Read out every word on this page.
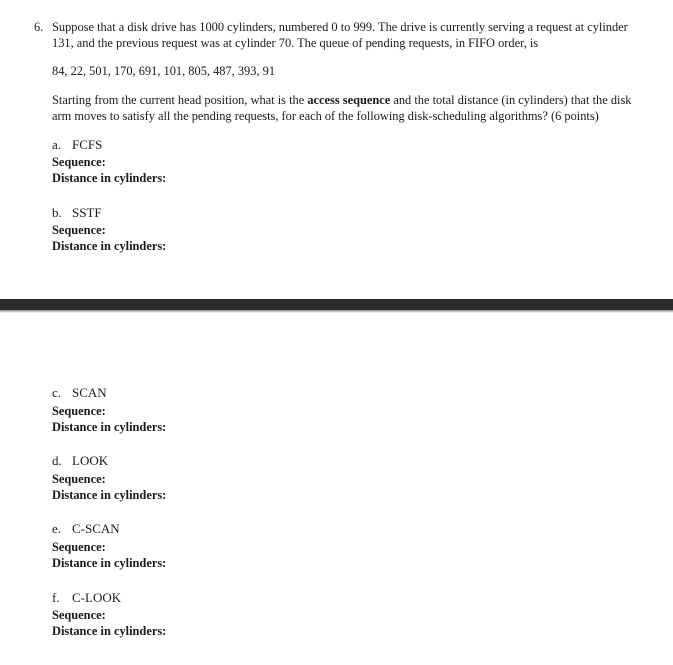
6. Suppose that a disk drive has 1000 cylinders, numbered 0 to 999. The drive is currently serving a request at cylinder
131, and the previous request was at cylinder 70. The queue of pending requests, in FIFO order, is
84, 22, 501, 170, 691, 101, 805, 487, 393, 91
Starting from the current head position, what is the access sequence and the total distance (in cylinders) that the disk
arm moves to satisfy all the pending requests, for each of the following disk-scheduling algorithms? (6 points)
a. FCFS
Sequence:
Distance in cylinders:
b. SSTF
Sequence:
Distance in cylinders:
c. SCAN
Sequence:
Distance in cylinders:
d. LOOK
Sequence:
Distance in cylinders:
e. C-SCAN
Sequence:
Distance in cylinders:
f. C-LOOK
Sequence:
Distance in cylinders:
